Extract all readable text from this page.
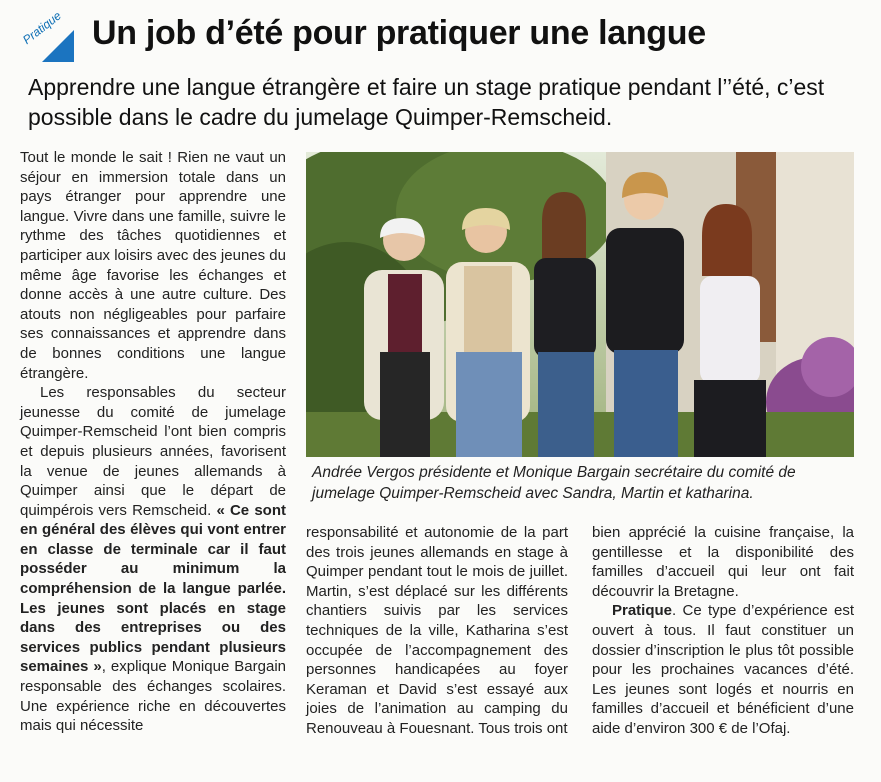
Pratique Un job d’été pour pratiquer une langue

Apprendre une langue étrangère et faire un stage pratique pendant l’’été, c’est possible dans le cadre du jumelage Quimper-Remscheid.

Tout le monde le sait ! Rien ne vaut un séjour en immersion totale dans un pays étranger pour apprendre une langue. Vivre dans une famille, suivre le rythme des tâches quotidiennes et participer aux loisirs avec des jeunes du même âge favorise les échanges et donne accès à une autre culture. Des atouts non négligeables pour parfaire ses connaissances et apprendre dans de bonnes conditions une langue étrangère.

Les responsables du secteur jeunesse du comité de jumelage Quimper-Remscheid l’ont bien compris et depuis plusieurs années, favorisent la venue de jeunes allemands à Quimper ainsi que le départ de quimpérois vers Remscheid. « Ce sont en général des élèves qui vont entrer en classe de terminale car il faut posséder au minimum la compréhension de la langue parlée. Les jeunes sont placés en stage dans des entreprises ou des services publics pendant plusieurs semaines », explique Monique Bargain responsable des échanges scolaires. Une expérience riche en découvertes mais qui nécessite

Andrée Vergos présidente et Monique Bargain secrétaire du comité de jumelage Quimper-Remscheid avec Sandra, Martin et katharina.

responsabilité et autonomie de la part des trois jeunes allemands en stage à Quimper pendant tout le mois de juillet. Martin, s’est déplacé sur les différents chantiers suivis par les services techniques de la ville, Katharina s’est occupée de l’accompagnement des personnes handicapées au foyer Keraman et David s’est essayé aux joies de l’animation au camping du Renouveau à Fouesnant. Tous trois ont

bien apprécié la cuisine française, la gentillesse et la disponibilité des familles d’accueil qui leur ont fait découvrir la Bretagne.

Pratique. Ce type d’expérience est ouvert à tous. Il faut constituer un dossier d’inscription le plus tôt possible pour les prochaines vacances d’été. Les jeunes sont logés et nourris en familles d’accueil et bénéficient d’une aide d’environ 300 € de l’Ofaj.
